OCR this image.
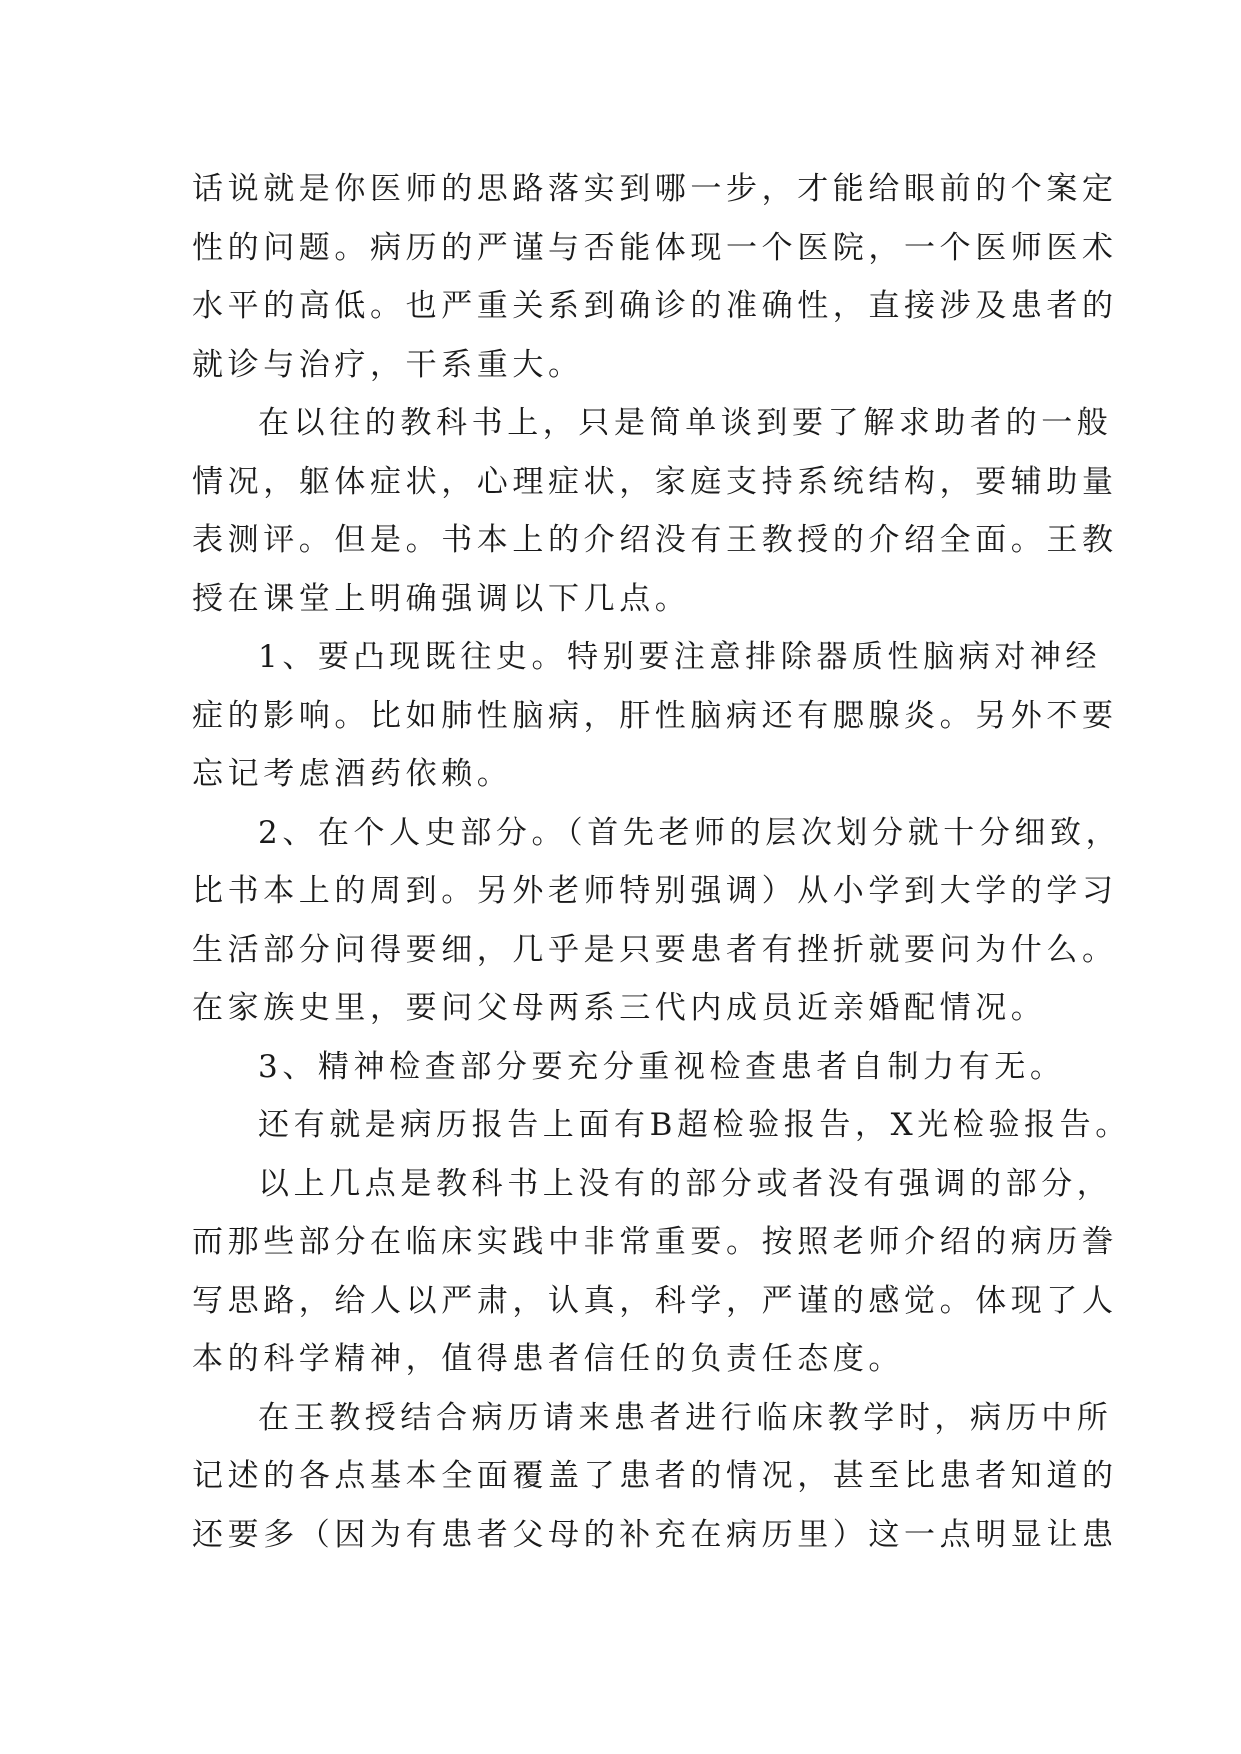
话说就是你医师的思路落实到哪一步，才能给眼前的个案定
性的问题。病历的严谨与否能体现一个医院，一个医师医术
水平的高低。也严重关系到确诊的准确性，直接涉及患者的
就诊与治疗，干系重大。
在以往的教科书上，只是简单谈到要了解求助者的一般
情况，躯体症状，心理症状，家庭支持系统结构，要辅助量
表测评。但是。书本上的介绍没有王教授的介绍全面。王教
授在课堂上明确强调以下几点。
1、要凸现既往史。特别要注意排除器质性脑病对神经
症的影响。比如肺性脑病，肝性脑病还有腮腺炎。另外不要
忘记考虑酒药依赖。
2、在个人史部分。（首先老师的层次划分就十分细致，
比书本上的周到。另外老师特别强调）从小学到大学的学习
生活部分问得要细，几乎是只要患者有挫折就要问为什么。
在家族史里，要问父母两系三代内成员近亲婚配情况。
3、精神检查部分要充分重视检查患者自制力有无。
还有就是病历报告上面有B超检验报告，X光检验报告。
以上几点是教科书上没有的部分或者没有强调的部分，
而那些部分在临床实践中非常重要。按照老师介绍的病历誊
写思路，给人以严肃，认真，科学，严谨的感觉。体现了人
本的科学精神，值得患者信任的负责任态度。
在王教授结合病历请来患者进行临床教学时，病历中所
记述的各点基本全面覆盖了患者的情况，甚至比患者知道的
还要多（因为有患者父母的补充在病历里）这一点明显让患
